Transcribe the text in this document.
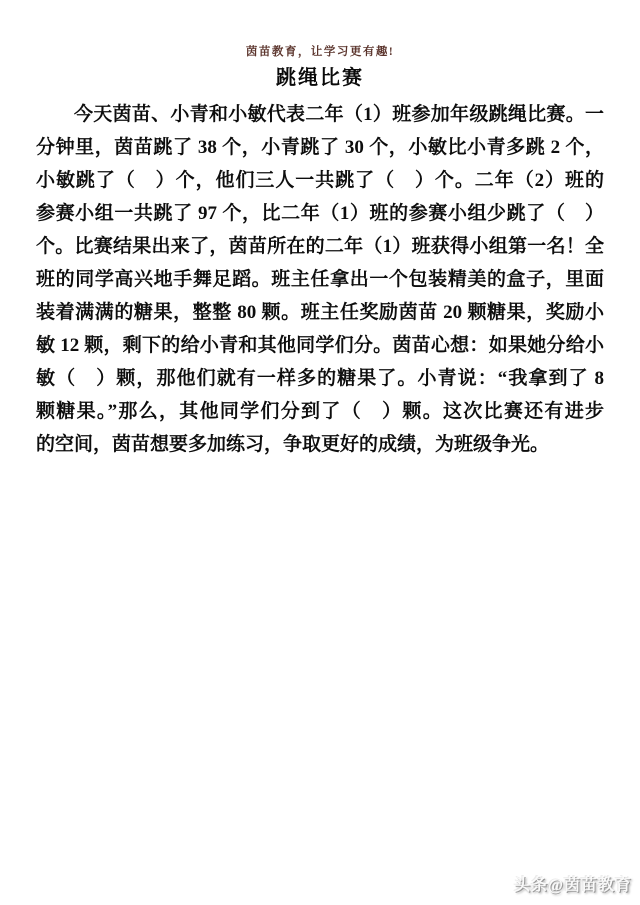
茵苗教育，让学习更有趣!
跳绳比赛
今天茵苗、小青和小敏代表二年（1）班参加年级跳绳比赛。一
分钟里，茵苗跳了 38 个，小青跳了 30 个，小敏比小青多跳 2 个，
小敏跳了（　）个，他们三人一共跳了（　）个。二年（2）班的
参赛小组一共跳了 97 个，比二年（1）班的参赛小组少跳了（　）
个。比赛结果出来了，茵苗所在的二年（1）班获得小组第一名！全
班的同学高兴地手舞足蹈。班主任拿出一个包装精美的盒子，里面
装着满满的糖果，整整 80 颗。班主任奖励茵苗 20 颗糖果，奖励小
敏 12 颗，剩下的给小青和其他同学们分。茵苗心想：如果她分给小
敏（　）颗，那他们就有一样多的糖果了。小青说：“我拿到了 8
颗糖果。”那么，其他同学们分到了（　）颗。这次比赛还有进步
的空间，茵苗想要多加练习，争取更好的成绩，为班级争光。
头条@茵苗教育
